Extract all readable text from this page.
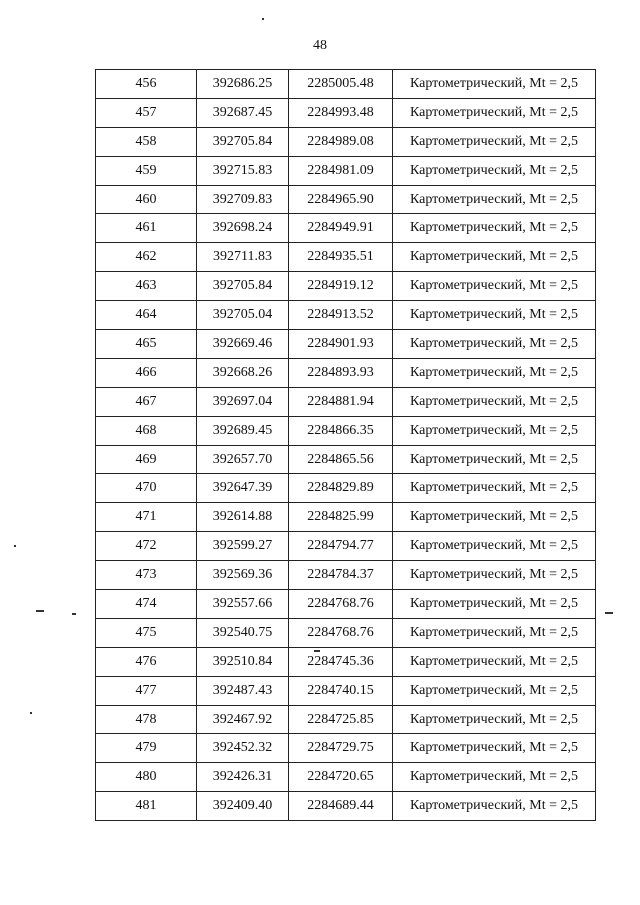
48
456	392686.25	2285005.48	Картометрический, Mt = 2,5
457	392687.45	2284993.48	Картометрический, Mt = 2,5
458	392705.84	2284989.08	Картометрический, Mt = 2,5
459	392715.83	2284981.09	Картометрический, Mt = 2,5
460	392709.83	2284965.90	Картометрический, Mt = 2,5
461	392698.24	2284949.91	Картометрический, Mt = 2,5
462	392711.83	2284935.51	Картометрический, Mt = 2,5
463	392705.84	2284919.12	Картометрический, Mt = 2,5
464	392705.04	2284913.52	Картометрический, Mt = 2,5
465	392669.46	2284901.93	Картометрический, Mt = 2,5
466	392668.26	2284893.93	Картометрический, Mt = 2,5
467	392697.04	2284881.94	Картометрический, Mt = 2,5
468	392689.45	2284866.35	Картометрический, Mt = 2,5
469	392657.70	2284865.56	Картометрический, Mt = 2,5
470	392647.39	2284829.89	Картометрический, Mt = 2,5
471	392614.88	2284825.99	Картометрический, Mt = 2,5
472	392599.27	2284794.77	Картометрический, Mt = 2,5
473	392569.36	2284784.37	Картометрический, Mt = 2,5
474	392557.66	2284768.76	Картометрический, Mt = 2,5
475	392540.75	2284768.76	Картометрический, Mt = 2,5
476	392510.84	2284745.36	Картометрический, Mt = 2,5
477	392487.43	2284740.15	Картометрический, Mt = 2,5
478	392467.92	2284725.85	Картометрический, Mt = 2,5
479	392452.32	2284729.75	Картометрический, Mt = 2,5
480	392426.31	2284720.65	Картометрический, Mt = 2,5
481	392409.40	2284689.44	Картометрический, Mt = 2,5
